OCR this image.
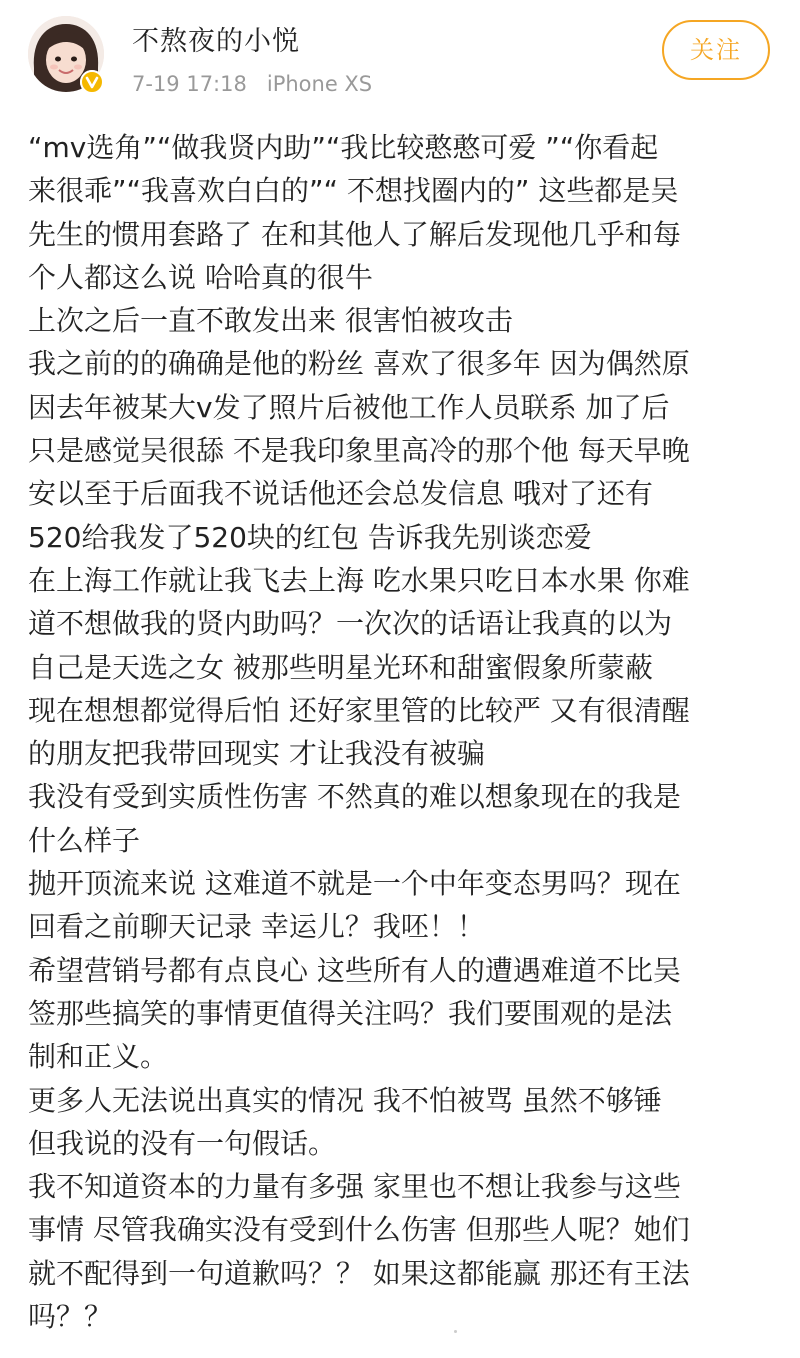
不熬夜的小悦
7-19 17:18 iPhone XS
关注
“mv选角”“做我贤内助”“我比较憨憨可爱 ”“你看起
来很乖”“我喜欢白白的”“ 不想找圈内的” 这些都是吴
先生的惯用套路了 在和其他人了解后发现他几乎和每
个人都这么说 哈哈真的很牛
上次之后一直不敢发出来 很害怕被攻击
我之前的的确确是他的粉丝 喜欢了很多年 因为偶然原
因去年被某大v发了照片后被他工作人员联系 加了后
只是感觉吴很舔 不是我印象里高冷的那个他 每天早晚
安以至于后面我不说话他还会总发信息 哦对了还有
520给我发了520块的红包 告诉我先别谈恋爱
在上海工作就让我飞去上海 吃水果只吃日本水果 你难
道不想做我的贤内助吗？一次次的话语让我真的以为
自己是天选之女 被那些明星光环和甜蜜假象所蒙蔽
现在想想都觉得后怕 还好家里管的比较严 又有很清醒
的朋友把我带回现实 才让我没有被骗
我没有受到实质性伤害 不然真的难以想象现在的我是
什么样子
抛开顶流来说 这难道不就是一个中年变态男吗？现在
回看之前聊天记录 幸运儿？我呸！！
希望营销号都有点良心 这些所有人的遭遇难道不比吴
签那些搞笑的事情更值得关注吗？我们要围观的是法
制和正义。
更多人无法说出真实的情况 我不怕被骂 虽然不够锤
但我说的没有一句假话。
我不知道资本的力量有多强 家里也不想让我参与这些
事情 尽管我确实没有受到什么伤害 但那些人呢？她们
就不配得到一句道歉吗？？ 如果这都能赢 那还有王法
吗？？
